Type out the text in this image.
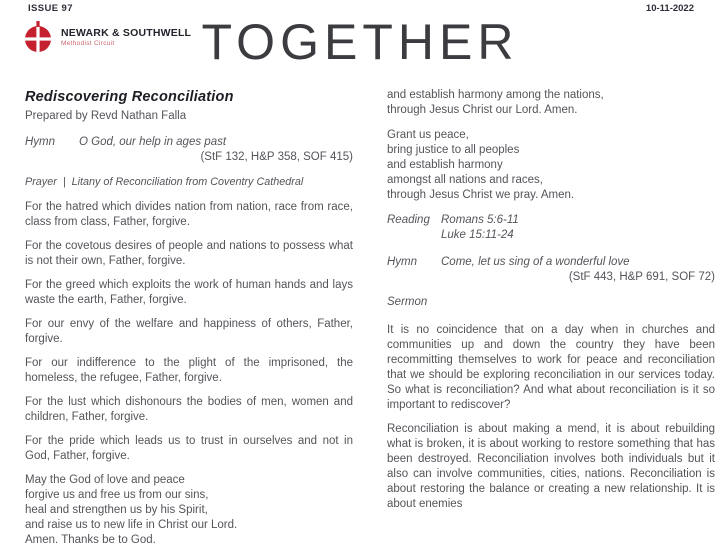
ISSUE 97	10-11-2022
NEWARK & SOUTHWELL
Methodist Circuit	TOGETHER
Rediscovering Reconciliation
Prepared by Revd Nathan Falla
Hymn	O God, our help in ages past
(StF 132, H&P 358, SOF 415)
Prayer | Litany of Reconciliation from Coventry Cathedral

For the hatred which divides nation from nation, race from race, class from class, Father, forgive.

For the covetous desires of people and nations to possess what is not their own, Father, forgive.

For the greed which exploits the work of human hands and lays waste the earth, Father, forgive.

For our envy of the welfare and happiness of others, Father, forgive.

For our indifference to the plight of the imprisoned, the homeless, the refugee, Father, forgive.

For the lust which dishonours the bodies of men, women and children, Father, forgive.

For the pride which leads us to trust in ourselves and not in God, Father, forgive.

May the God of love and peace
forgive us and free us from our sins,
heal and strengthen us by his Spirit,
and raise us to new life in Christ our Lord.
Amen. Thanks be to God.
and establish harmony among the nations,
through Jesus Christ our Lord. Amen.
Grant us peace,
bring justice to all peoples
and establish harmony
amongst all nations and races,
through Jesus Christ we pray. Amen.
Reading Romans 5:6-11
Luke 15:11-24
Hymn	Come, let us sing of a wonderful love
(StF 443, H&P 691, SOF 72)
Sermon

It is no coincidence that on a day when in churches and communities up and down the country they have been recommitting themselves to work for peace and reconciliation that we should be exploring reconciliation in our services today. So what is reconciliation? And what about reconciliation is it so important to rediscover?

Reconciliation is about making a mend, it is about rebuilding what is broken, it is about working to restore something that has been destroyed. Reconciliation involves both individuals but it also can involve communities, cities, nations. Reconciliation is about restoring the balance or creating a new relationship. It is about enemies
